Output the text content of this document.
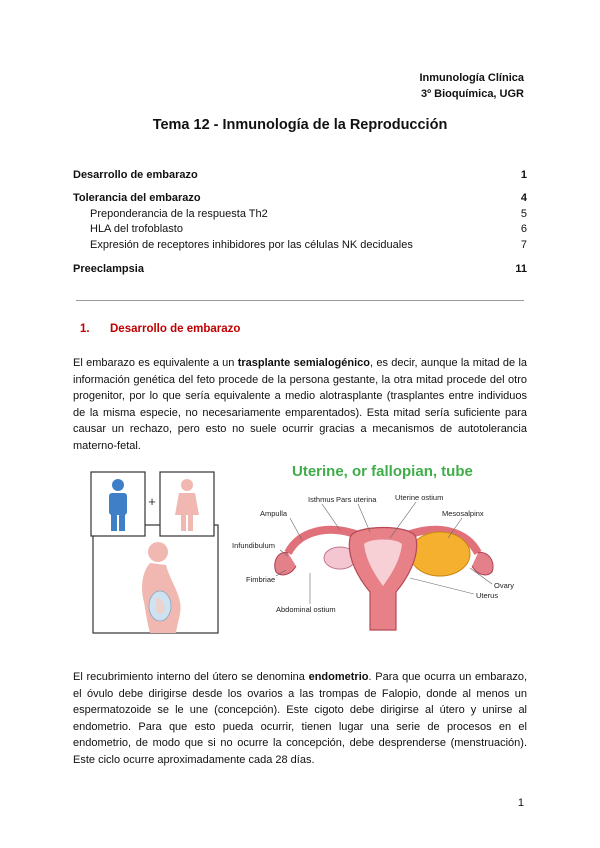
Inmunología Clínica
3º Bioquímica, UGR
Tema 12 - Inmunología de la Reproducción
Desarrollo de embarazo	1
Tolerancia del embarazo	4
Preponderancia de la respuesta Th2	5
HLA del trofoblasto	6
Expresión de receptores inhibidores por las células NK deciduales	7
Preeclampsia	11
1. Desarrollo de embarazo
El embarazo es equivalente a un trasplante semialogénico, es decir, aunque la mitad de la información genética del feto procede de la persona gestante, la otra mitad procede del otro progenitor, por lo que sería equivalente a medio alotrasplante (trasplantes entre individuos de la misma especie, no necesariamente emparentados). Esta mitad sería suficiente para causar un rechazo, pero esto no suele ocurrir gracias a mecanismos de autotolerancia materno-fetal.
+
Uterine, or fallopian, tube
Isthmus Pars uterina Uterine ostium
Ampulla	Mesosalpinx
Infundibulum
Ovary
Fimbriae
Uterus
Abdominal ostium
El recubrimiento interno del útero se denomina endometrio. Para que ocurra un embarazo, el óvulo debe dirigirse desde los ovarios a las trompas de Falopio, donde al menos un espermatozoide se le une (concepción). Este cigoto debe dirigirse al útero y unirse al endometrio. Para que esto pueda ocurrir, tienen lugar una serie de procesos en el endometrio, de modo que si no ocurre la concepción, debe desprenderse (menstruación). Este ciclo ocurre aproximadamente cada 28 días.
1
